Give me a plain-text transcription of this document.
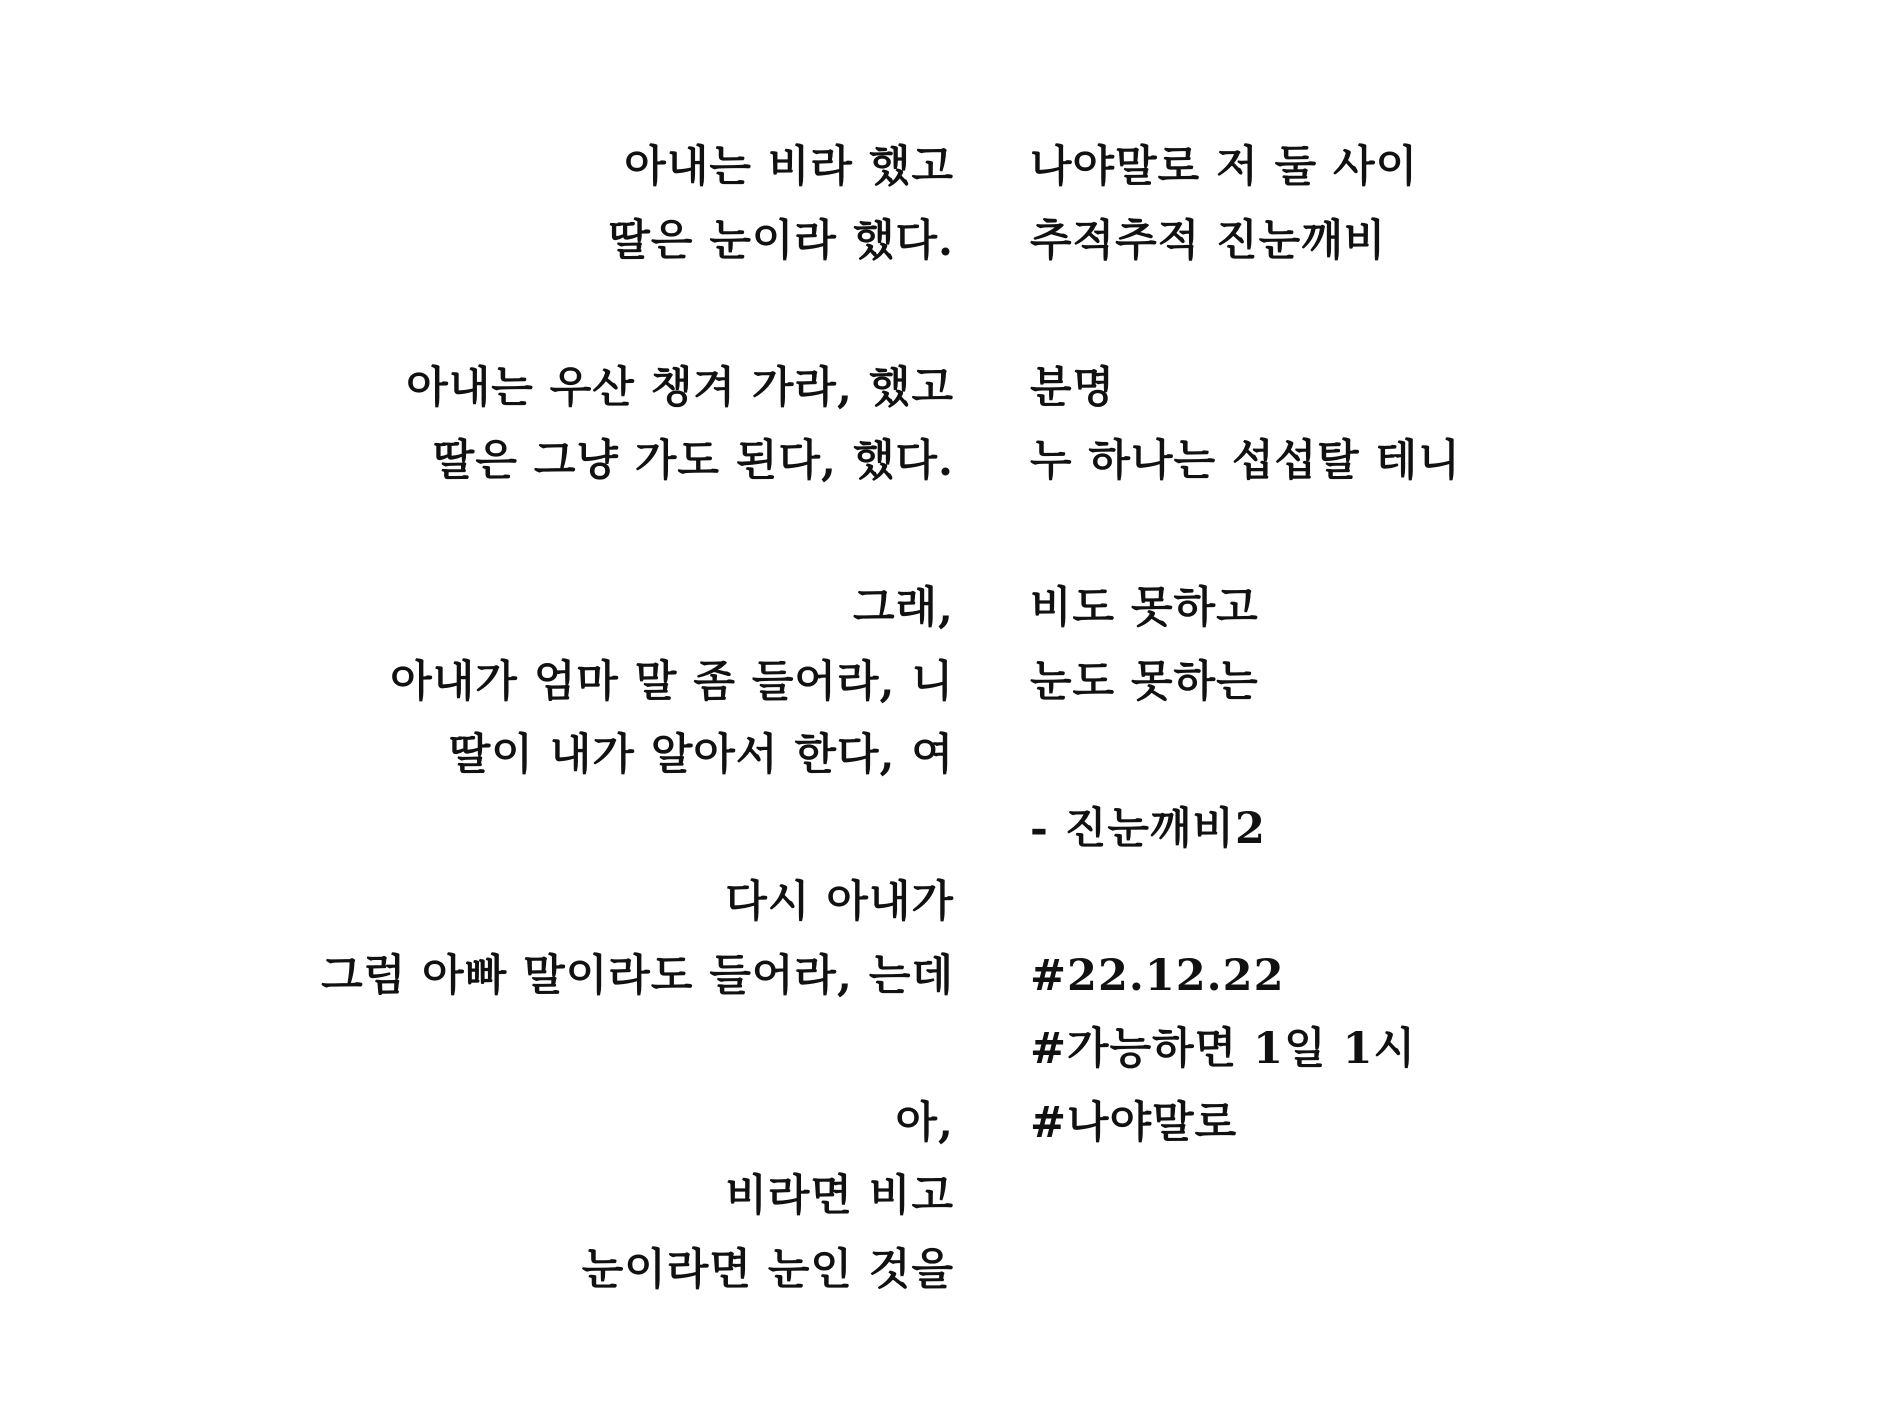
아내는 비라 했고
딸은 눈이라 했다.
아내는 우산 챙겨 가라, 했고
딸은 그냥 가도 된다, 했다.
그래,
아내가 엄마 말 좀 들어라, 니
딸이 내가 알아서 한다, 여
다시 아내가
그럼 아빠 말이라도 들어라, 는데
아,
비라면 비고
눈이라면 눈인 것을
나야말로 저 둘 사이
추적추적 진눈깨비
분명
누 하나는 섭섭탈 테니
비도 못하고
눈도 못하는
- 진눈깨비2
#22.12.22
#가능하면 1일 1시
#나야말로
